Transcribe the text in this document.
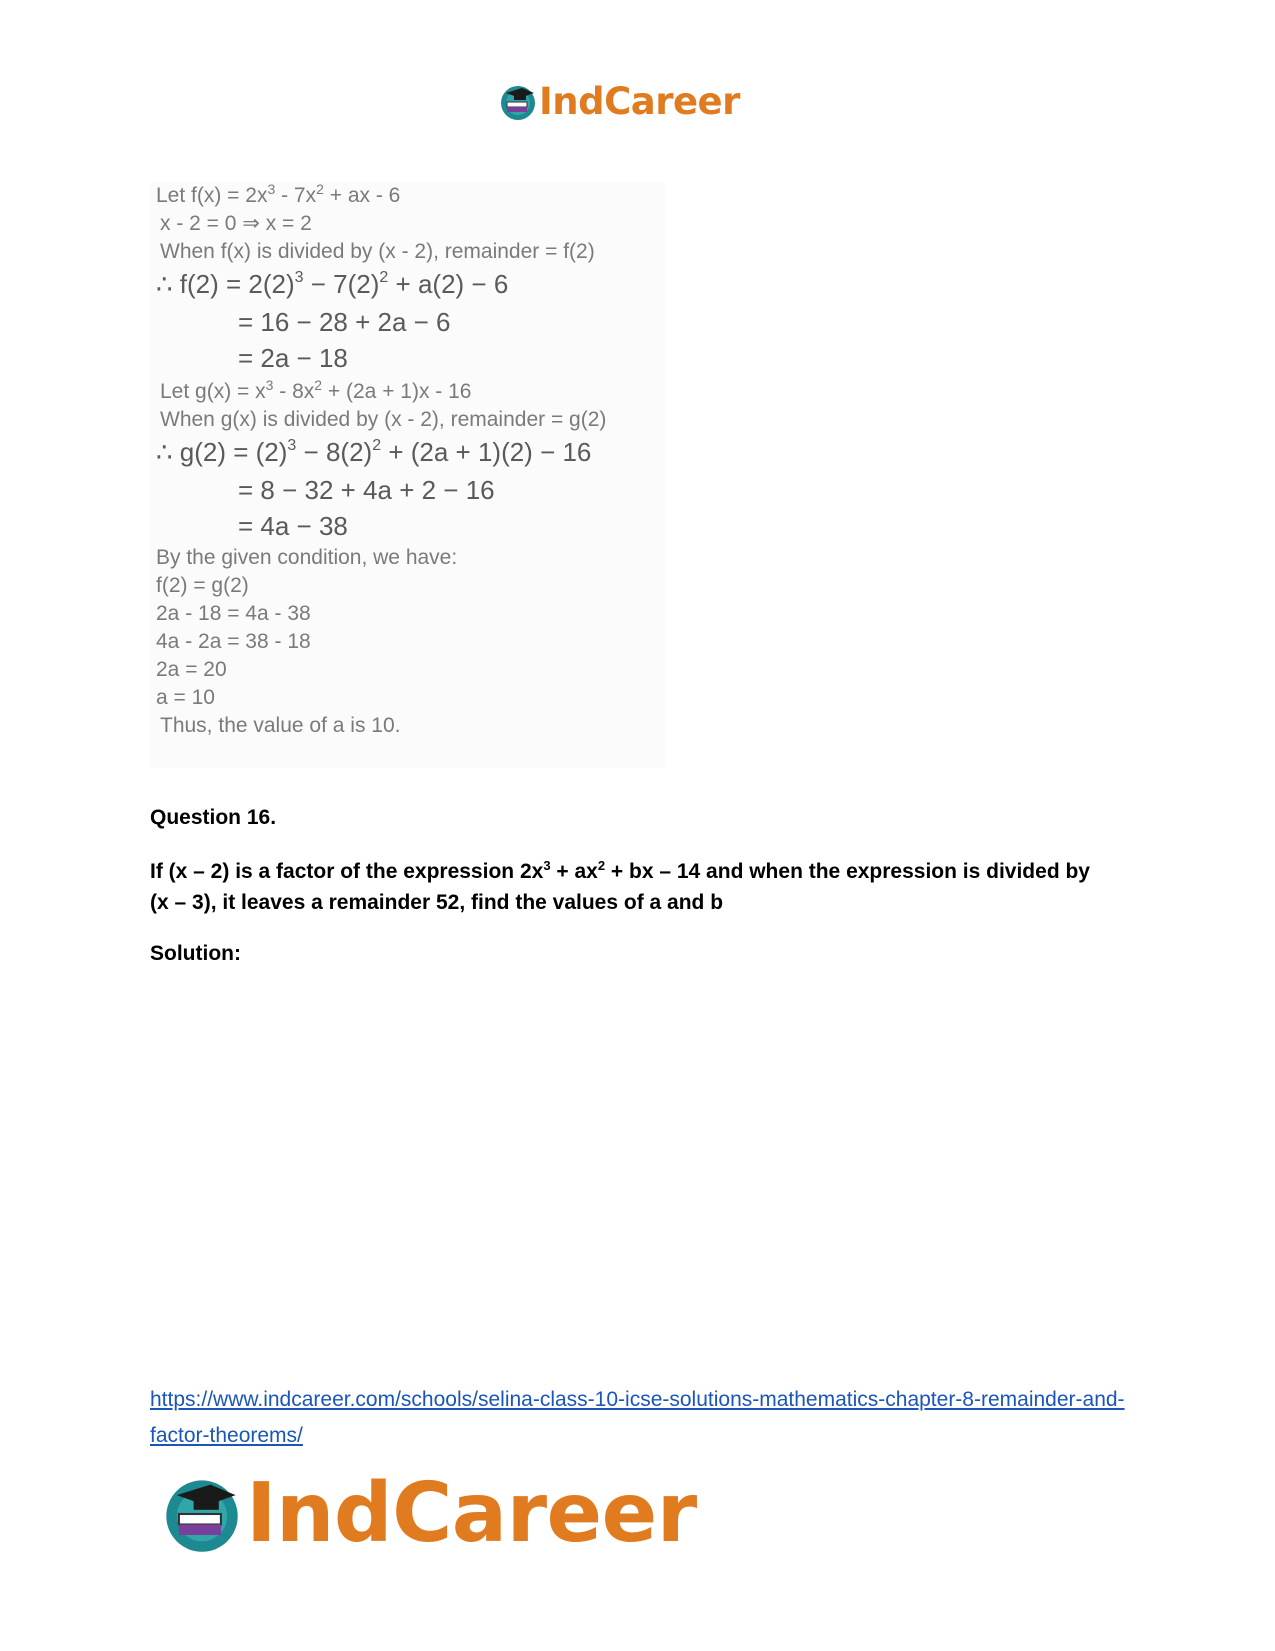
IndCareer
Let $f(x) = 2x^3 - 7x^2$ + ax - 6
x - 2 = 0 ⇒ x = 2
When f(x) is divided by (x - 2), remainder = f(2)
∴ $f(2) = 2(2)^3 - 7(2)^2 + a(2) - 6$
= 16 − 28 + 2a − 6
= 2a − 18
Let $g(x) = x^3 - 8x^2 + (2a + 1)x - 16$
When g(x) is divided by (x - 2), remainder = g(2)
∴ $g(2) = (2)^3 - 8(2)^2 + (2a + 1)(2) - 16$
= 8 − 32 + 4a + 2 − 16
= 4a − 38
By the given condition, we have:
f(2) = g(2)
2a - 18 = 4a - 38
4a - 2a = 38 - 18
2a = 20
a = 10
Thus, the value of a is 10.
Question 16.
If (x – 2) is a factor of the expression $2x^3 + ax^2$ + bx – 14 and when the expression is divided by (x – 3), it leaves a remainder 52, find the values of a and b
Solution:
https://www.indcareer.com/schools/selina-class-10-icse-solutions-mathematics-chapter-8-remainder-and-factor-theorems/
IndCareer
